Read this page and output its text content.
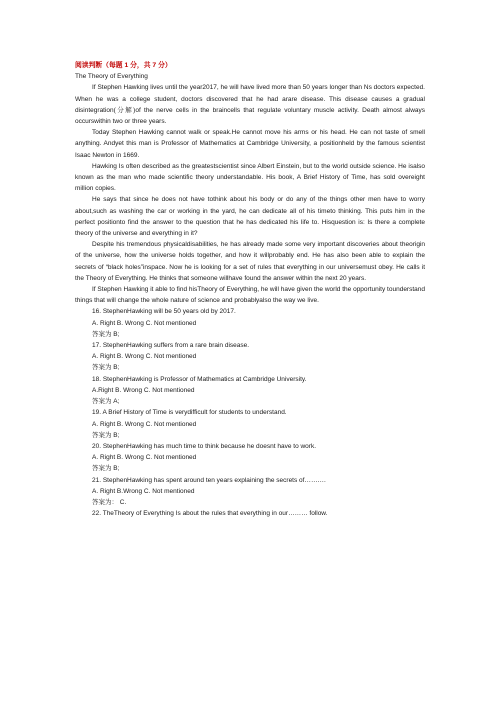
阅读判断（每题 1 分，共 7 分）

The Theory of Everything

If Stephen Hawking lives until the year2017, he will have lived more than 50 years longer than Ns doctors expected. When he was a college student, doctors discovered that he had arare disease. This disease causes a gradual disintegration(分解)of the nerve cells in the braincells that regulate voluntary muscle activity. Death almost always occurswithin two or three years.

Today Stephen Hawking cannot walk or speak.He cannot move his arms or his head. He can not taste of smell anything. Andyet this man is Professor of Mathematics at Cambridge University, a positionheld by the famous scientist Isaac Newton in 1669.

Hawking Is often described as the greatestscientist since Albert Einstein, but to the world outside science. He isalso known as the man who made scientific theory understandable. His book, A Brief History of Time, has sold overeight million copies.

He says that since he does not have tothink about his body or do any of the things other men have to worry about,such as washing the car or working in the yard, he can dedicate all of his timeto thinking. This puts him in the perfect positionto find the answer to the question that he has dedicated his life to. Hisquestion is: Is there a complete theory of the universe and everything in it?

Despite his tremendous physicaldisabilities, he has already made some very important discoveries about theorigin of the universe, how the universe holds together, and how it willprobably end. He has also been able to explain the secrets of “black holes”inspace. Now he is looking for a set of rules that everything in our universemust obey. He calls it the Theory of Everything. He thinks that someone willhave found the answer within the next 20 years.

If Stephen Hawking it able to find hisTheory of Everything, he will have given the world the opportunity tounderstand things that will change the whole nature of science and probablyalso the way we live.

16. StephenHawking will be 50 years old by 2017.

A. Right B. Wrong C. Not mentioned

答案为 B;

17. StephenHawking suffers from a rare brain disease.

A. Right B. Wrong C. Not mentioned

答案为 B;

18. StephenHawking is Professor of Mathematics at Cambridge University.

A.Right B. Wrong C. Not mentioned

答案为 A;

19. A Brief History of Time is verydifficult for students to understand.

A. Right B. Wrong C. Not mentioned

答案为 B;

20. StephenHawking has much time to think because he doesnt have to work.

A. Right B. Wrong C. Not mentioned

答案为 B;

21. StephenHawking has spent around ten years explaining the secrets of……….

A. Right B.Wrong C. Not mentioned

答案为： C.

22. TheTheory of Everything Is about the rules that everything in our……… follow.
